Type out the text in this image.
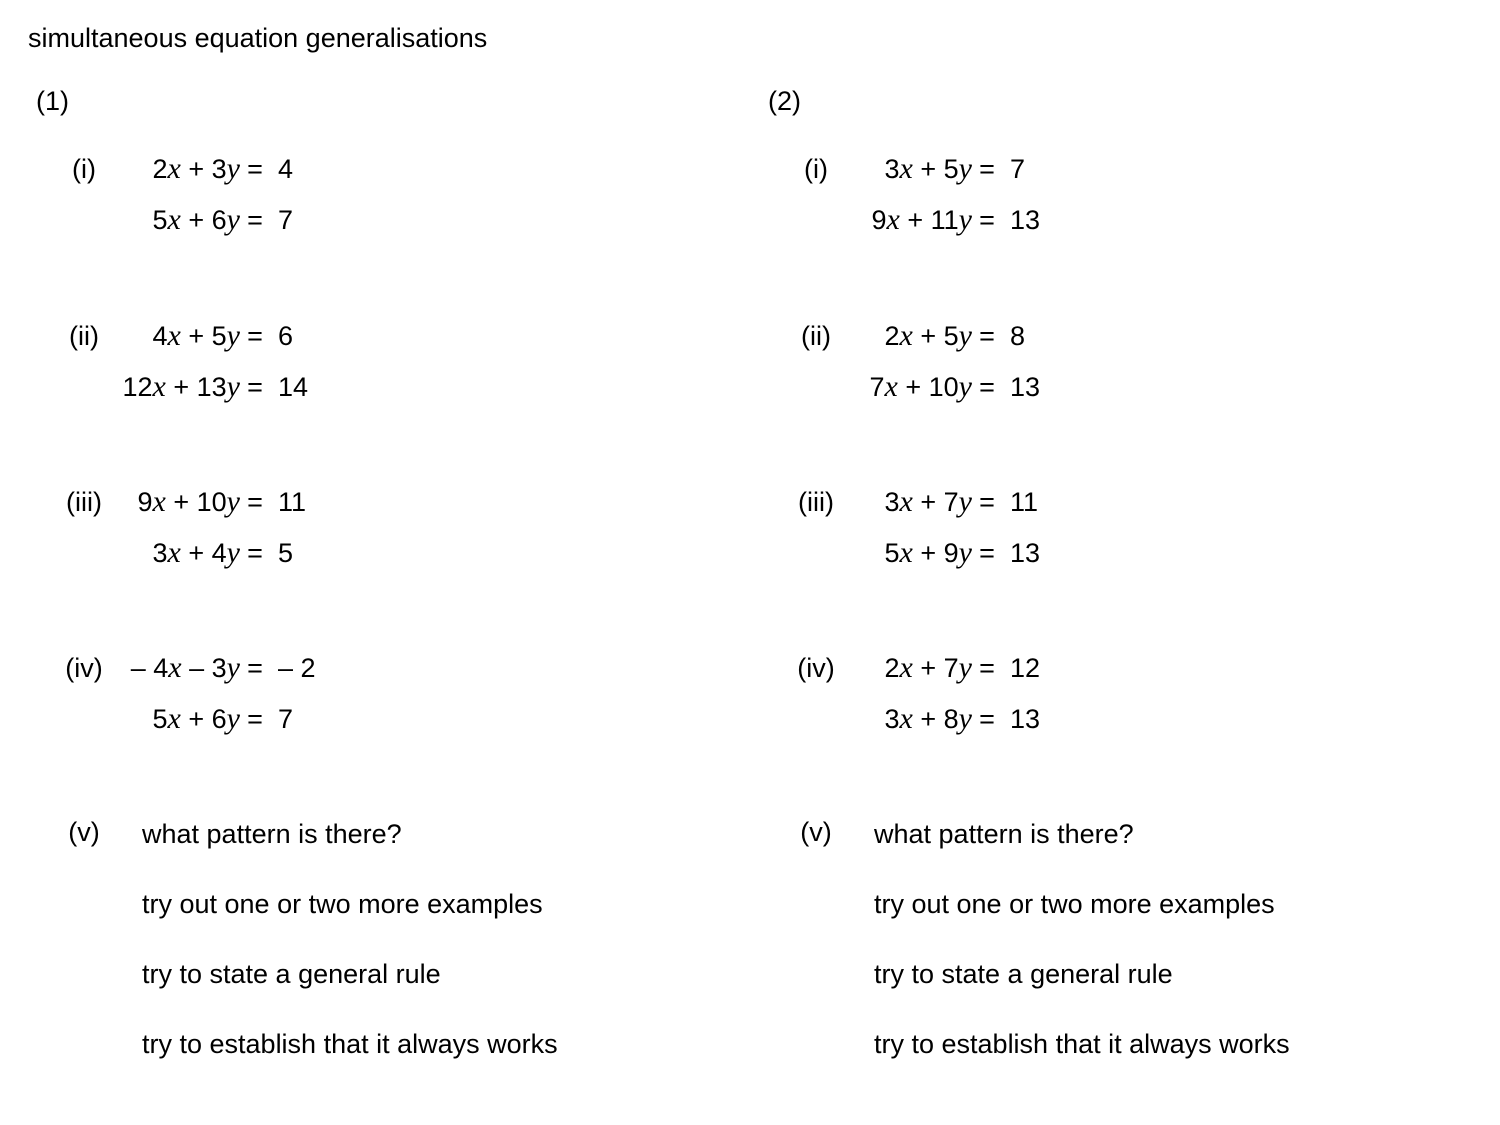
simultaneous equation generalisations
(1)
(i)	2x + 3y = 4
5x + 6y = 7
(ii)	4x + 5y = 6
12x + 13y = 14
(iii)	9x + 10y = 11
3x + 4y = 5
(iv)	– 4x – 3y = – 2
5x + 6y = 7
(v)	what pattern is there?
try out one or two more examples
try to state a general rule
try to establish that it always works
(2)
(i)	3x + 5y = 7
9x + 11y = 13
(ii)	2x + 5y = 8
7x + 10y = 13
(iii)	3x + 7y = 11
5x + 9y = 13
(iv)	2x + 7y = 12
3x + 8y = 13
(v)	what pattern is there?
try out one or two more examples
try to state a general rule
try to establish that it always works
